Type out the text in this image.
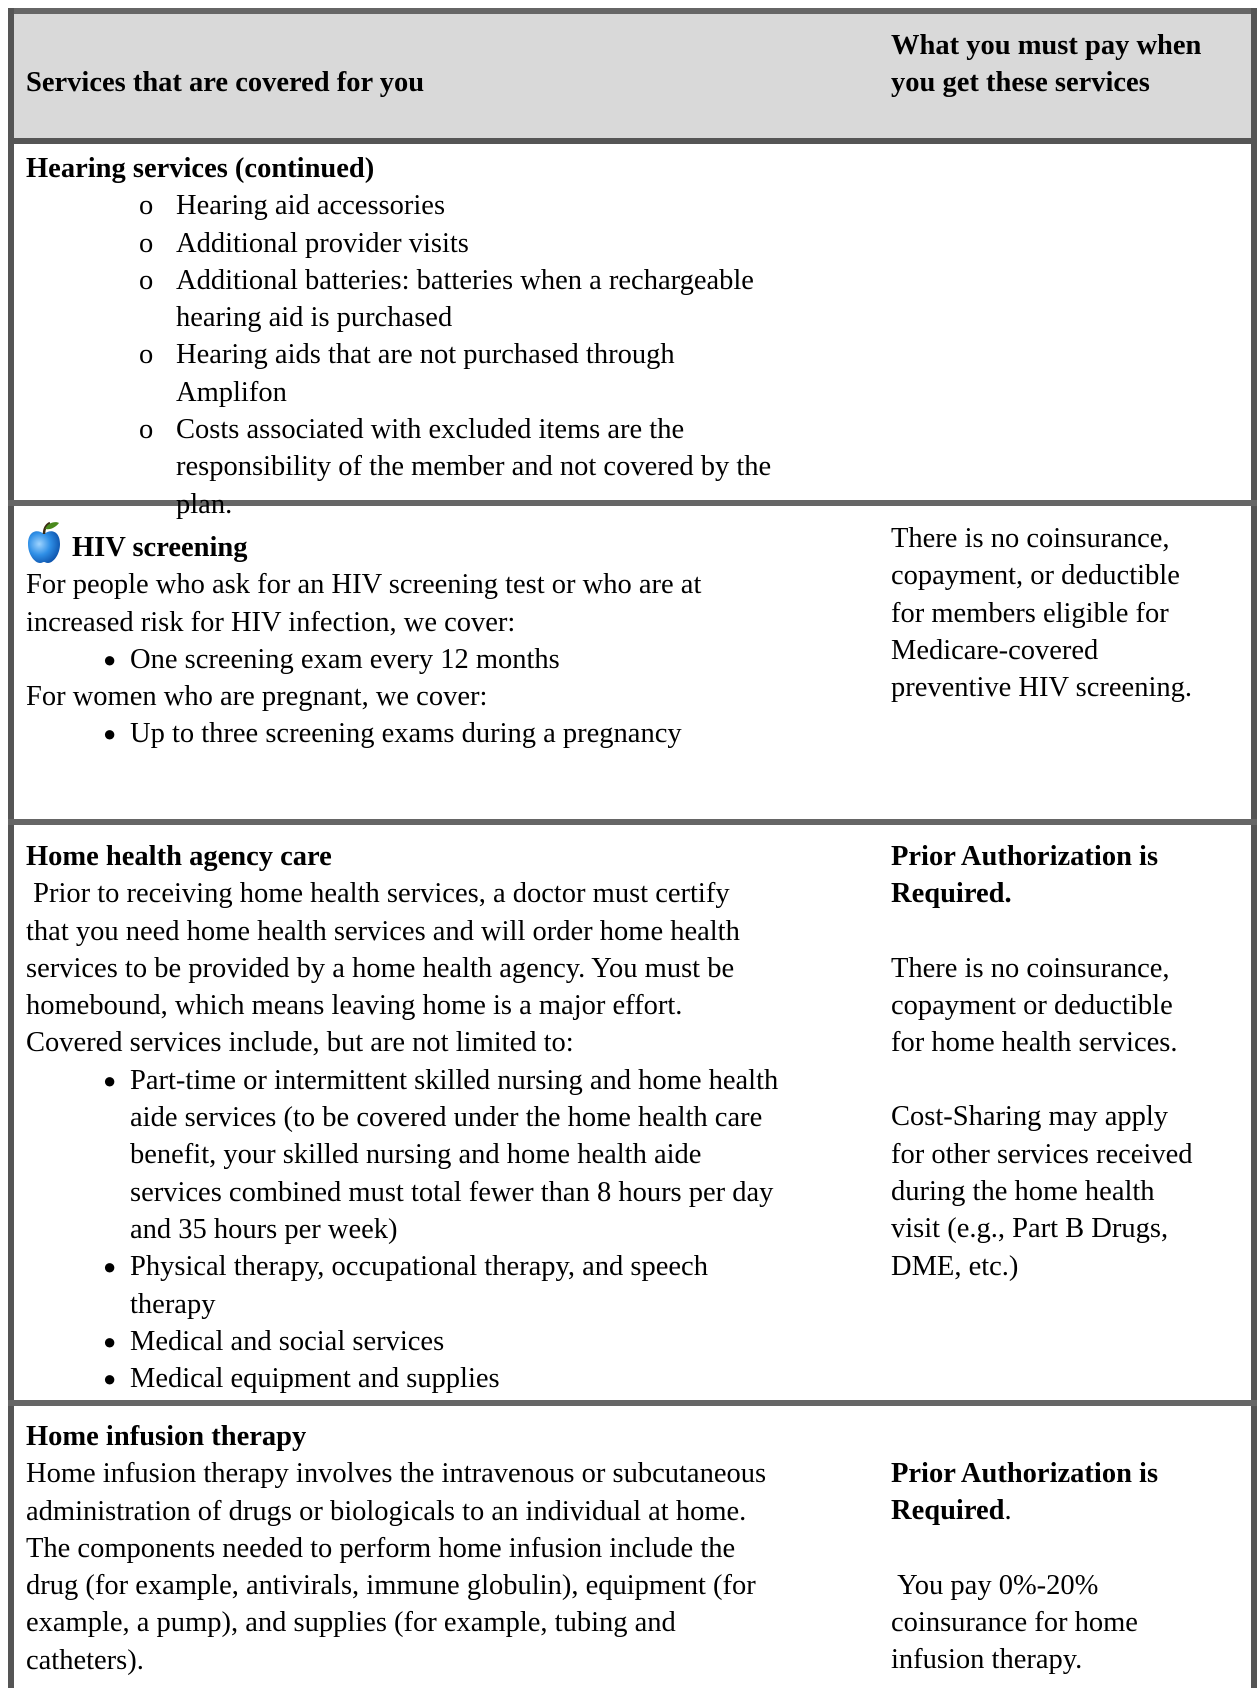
Services that are covered for you
What you must pay when
you get these services
Hearing services (continued)
o Hearing aid accessories
o Additional provider visits
o Additional batteries: batteries when a rechargeable
hearing aid is purchased
o Hearing aids that are not purchased through
Amplifon
o Costs associated with excluded items are the
responsibility of the member and not covered by the
plan.
HIV screening
For people who ask for an HIV screening test or who are at
increased risk for HIV infection, we cover:
● One screening exam every 12 months
For women who are pregnant, we cover:
● Up to three screening exams during a pregnancy
There is no coinsurance,
copayment, or deductible
for members eligible for
Medicare-covered
preventive HIV screening.
Home health agency care
Prior to receiving home health services, a doctor must certify
that you need home health services and will order home health
services to be provided by a home health agency. You must be
homebound, which means leaving home is a major effort.
Covered services include, but are not limited to:
● Part-time or intermittent skilled nursing and home health
aide services (to be covered under the home health care
benefit, your skilled nursing and home health aide
services combined must total fewer than 8 hours per day
and 35 hours per week)
● Physical therapy, occupational therapy, and speech
therapy
● Medical and social services
● Medical equipment and supplies
Prior Authorization is
Required.
There is no coinsurance,
copayment or deductible
for home health services.
Cost-Sharing may apply
for other services received
during the home health
visit (e.g., Part B Drugs,
DME, etc.)
Home infusion therapy
Home infusion therapy involves the intravenous or subcutaneous
administration of drugs or biologicals to an individual at home.
The components needed to perform home infusion include the
drug (for example, antivirals, immune globulin), equipment (for
example, a pump), and supplies (for example, tubing and
catheters).
Prior Authorization is
Required.
You pay 0%-20%
coinsurance for home
infusion therapy.
